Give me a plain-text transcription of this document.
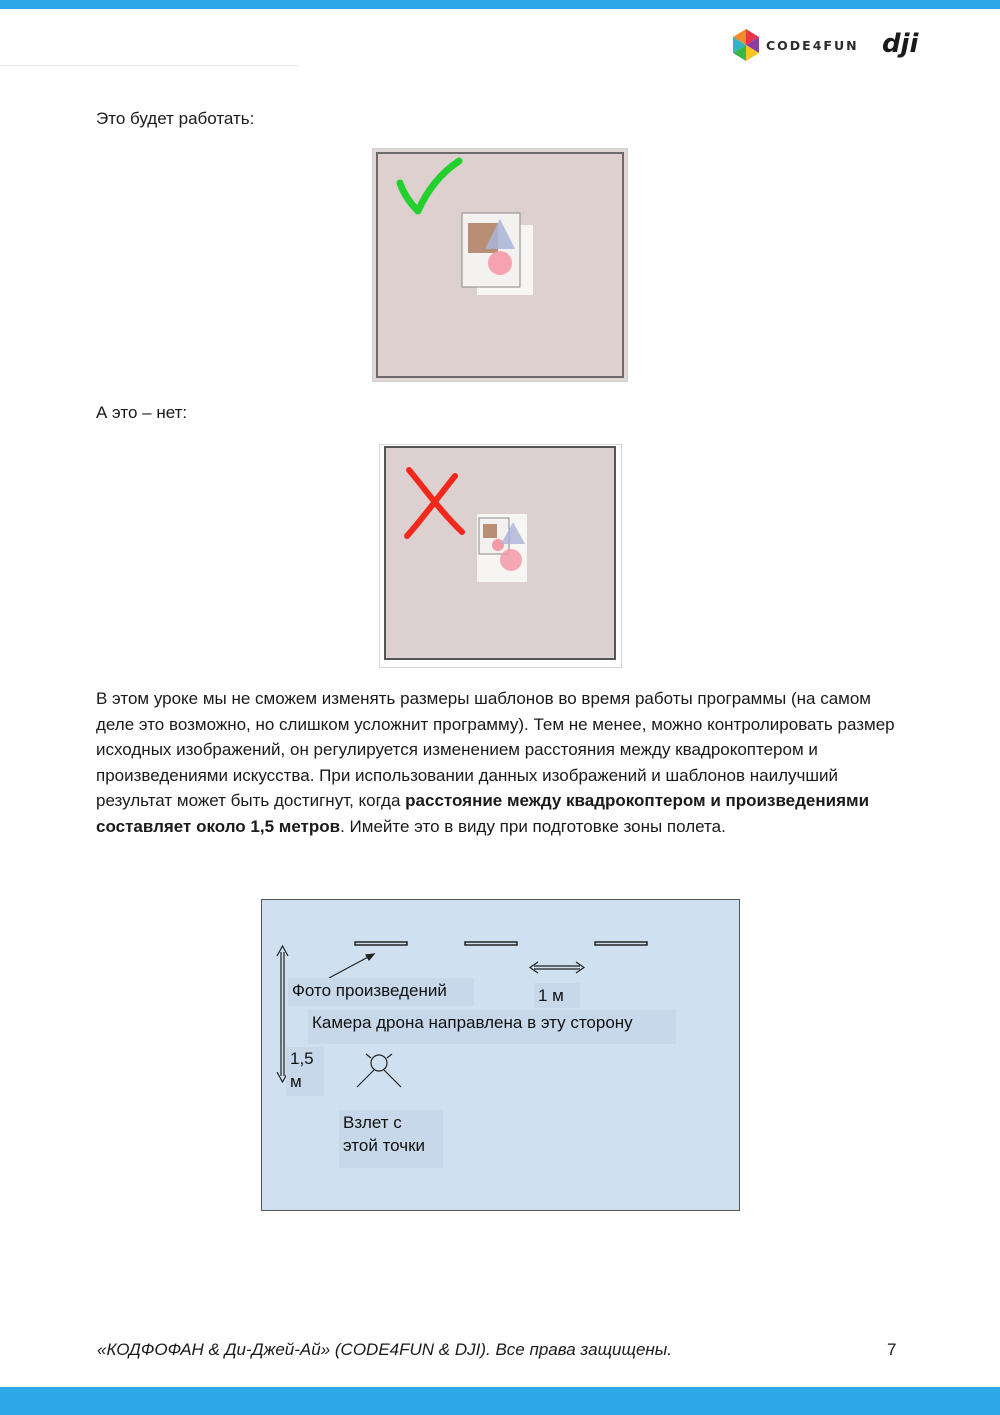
CODE4FUN dji
Это будет работать:
А это – нет:
В этом уроке мы не сможем изменять размеры шаблонов во время работы программы (на самом деле это возможно, но слишком усложнит программу). Тем не менее, можно контролировать размер исходных изображений, он регулируется изменением расстояния между квадрокоптером и произведениями искусства. При использовании данных изображений и шаблонов наилучший результат может быть достигнут, когда расстояние между квадрокоптером и произведениями составляет около 1,5 метров. Имейте это в виду при подготовке зоны полета.
Фото произведений	1 м
Камера дрона направлена в эту сторону
1,5
м
Взлет с
этой точки
«КОДФОФАН & Ди-Джей-Ай» (CODE4FUN & DJI). Все права защищены.	7
